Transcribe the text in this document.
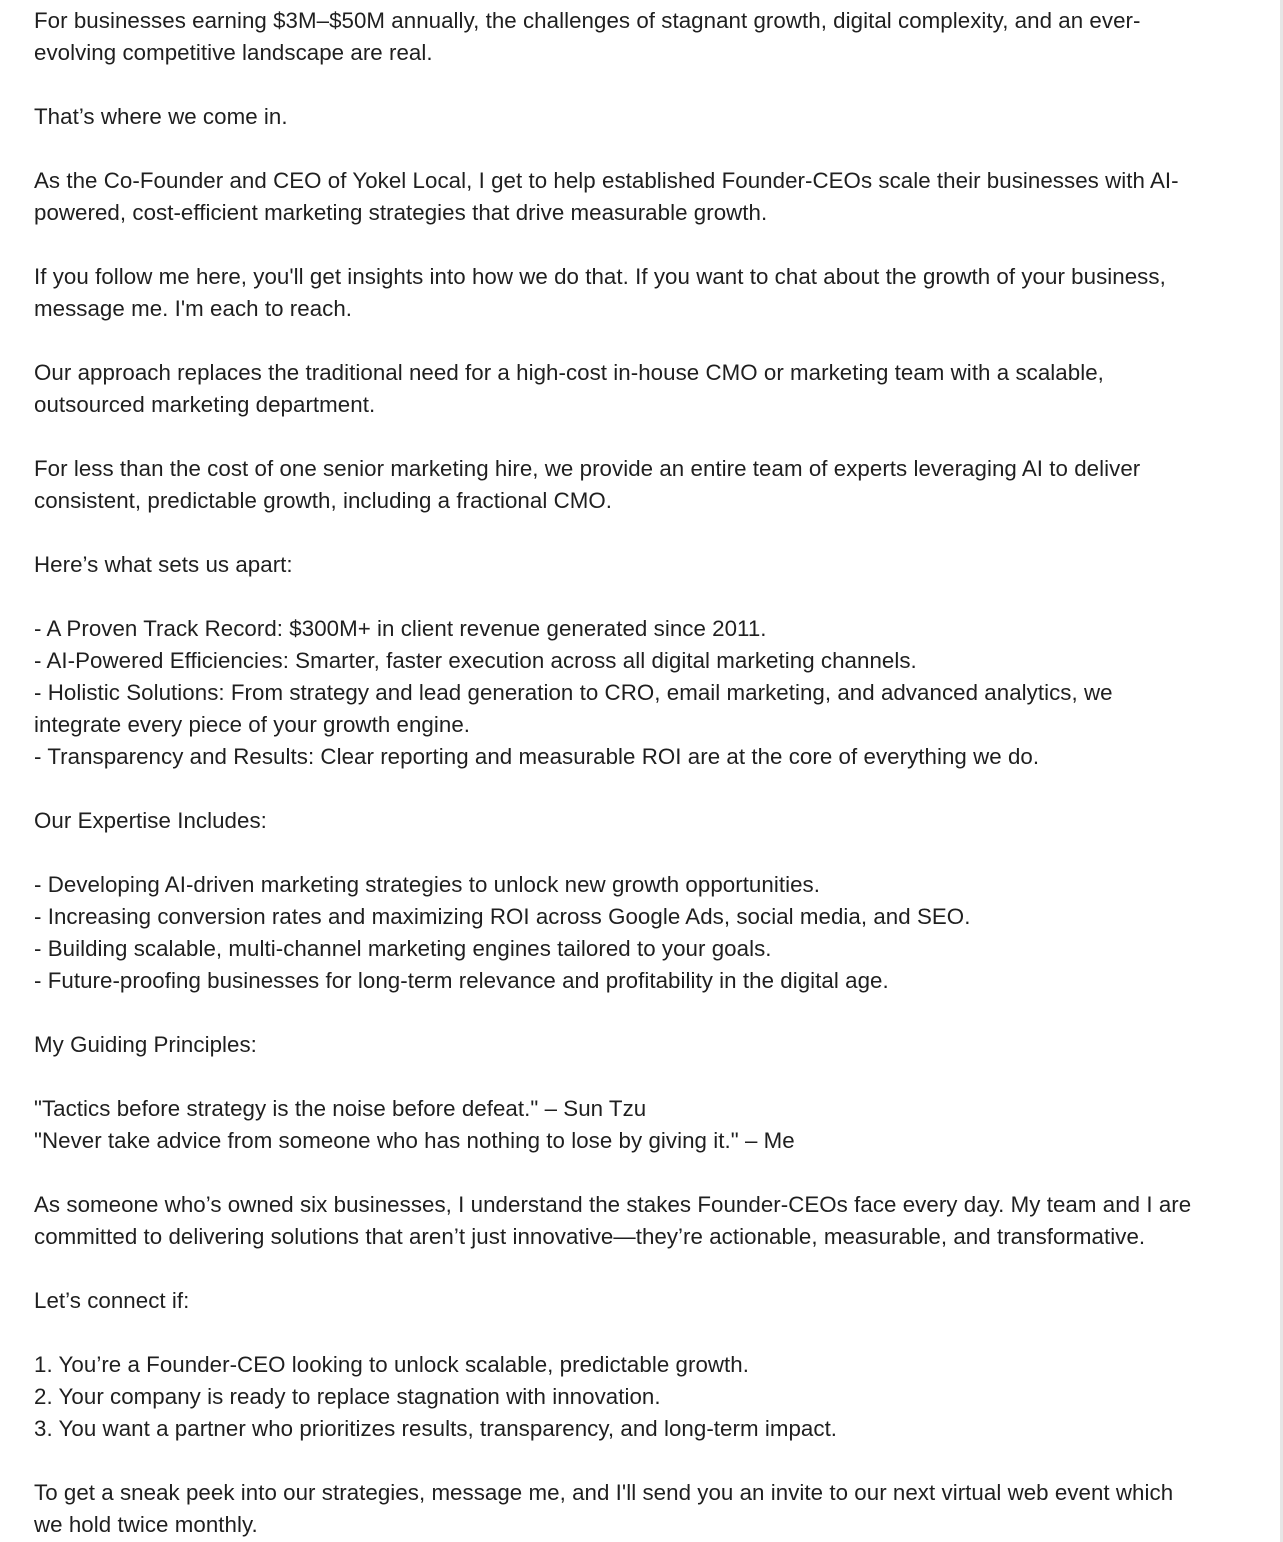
For businesses earning $3M–$50M annually, the challenges of stagnant growth, digital complexity, and an ever-
evolving competitive landscape are real.
That’s where we come in.
As the Co-Founder and CEO of Yokel Local, I get to help established Founder-CEOs scale their businesses with AI-
powered, cost-efficient marketing strategies that drive measurable growth.
If you follow me here, you'll get insights into how we do that. If you want to chat about the growth of your business,
message me. I'm each to reach.
Our approach replaces the traditional need for a high-cost in-house CMO or marketing team with a scalable,
outsourced marketing department.
For less than the cost of one senior marketing hire, we provide an entire team of experts leveraging AI to deliver
consistent, predictable growth, including a fractional CMO.
Here’s what sets us apart:
- A Proven Track Record: $300M+ in client revenue generated since 2011.
- AI-Powered Efficiencies: Smarter, faster execution across all digital marketing channels.
- Holistic Solutions: From strategy and lead generation to CRO, email marketing, and advanced analytics, we
integrate every piece of your growth engine.
- Transparency and Results: Clear reporting and measurable ROI are at the core of everything we do.
Our Expertise Includes:
- Developing AI-driven marketing strategies to unlock new growth opportunities.
- Increasing conversion rates and maximizing ROI across Google Ads, social media, and SEO.
- Building scalable, multi-channel marketing engines tailored to your goals.
- Future-proofing businesses for long-term relevance and profitability in the digital age.
My Guiding Principles:
"Tactics before strategy is the noise before defeat." – Sun Tzu
"Never take advice from someone who has nothing to lose by giving it." – Me
As someone who’s owned six businesses, I understand the stakes Founder-CEOs face every day. My team and I are
committed to delivering solutions that aren’t just innovative—they’re actionable, measurable, and transformative.
Let’s connect if:
1. You’re a Founder-CEO looking to unlock scalable, predictable growth.
2. Your company is ready to replace stagnation with innovation.
3. You want a partner who prioritizes results, transparency, and long-term impact.
To get a sneak peek into our strategies, message me, and I'll send you an invite to our next virtual web event which
we hold twice monthly.
